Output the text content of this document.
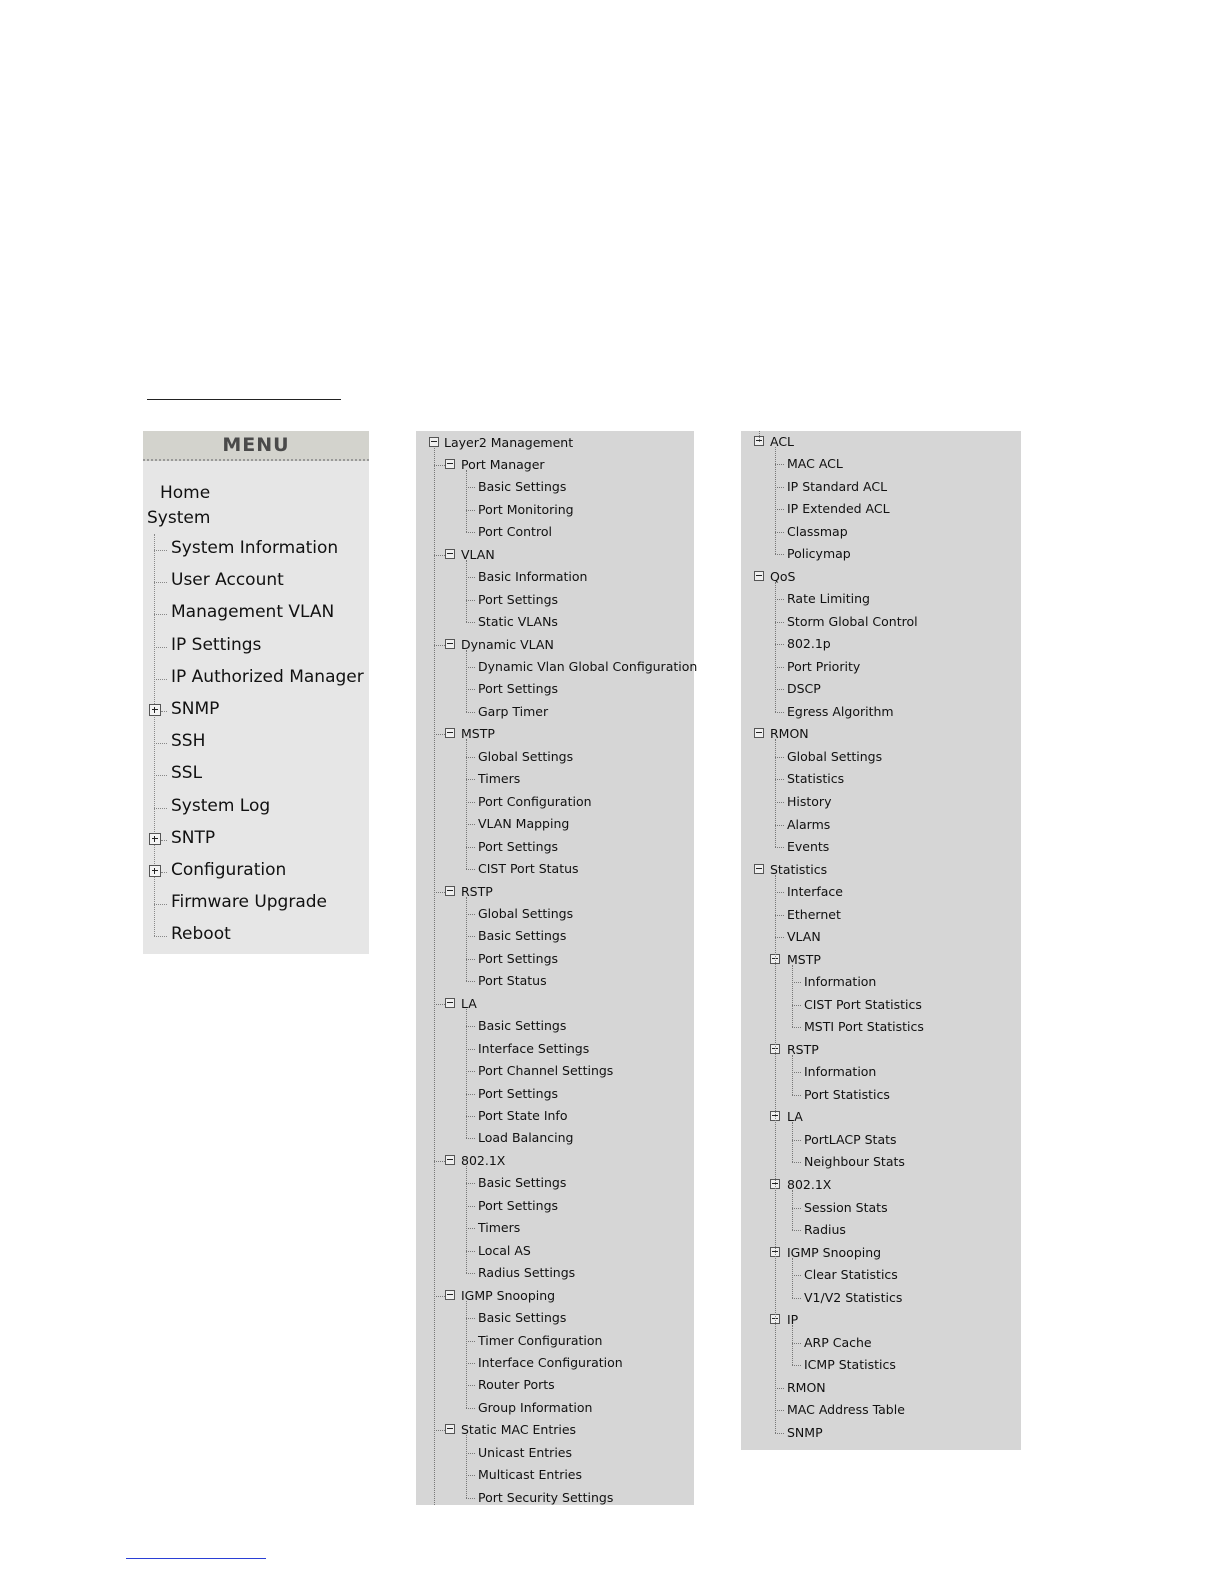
MENU
Home
System
System Information
User Account
Management VLAN
IP Settings
IP Authorized Manager
SNMP
SSH
SSL
System Log
SNTP
Configuration
Firmware Upgrade
Reboot
Layer2 Management
Port Manager
Basic Settings
Port Monitoring
Port Control
VLAN
Basic Information
Port Settings
Static VLANs
Dynamic VLAN
Dynamic Vlan Global Configuration
Port Settings
Garp Timer
MSTP
Global Settings
Timers
Port Configuration
VLAN Mapping
Port Settings
CIST Port Status
RSTP
Global Settings
Basic Settings
Port Settings
Port Status
LA
Basic Settings
Interface Settings
Port Channel Settings
Port Settings
Port State Info
Load Balancing
802.1X
Basic Settings
Port Settings
Timers
Local AS
Radius Settings
IGMP Snooping
Basic Settings
Timer Configuration
Interface Configuration
Router Ports
Group Information
Static MAC Entries
Unicast Entries
Multicast Entries
Port Security Settings
ACL
MAC ACL
IP Standard ACL
IP Extended ACL
Classmap
Policymap
QoS
Rate Limiting
Storm Global Control
802.1p
Port Priority
DSCP
Egress Algorithm
RMON
Global Settings
Statistics
History
Alarms
Events
Statistics
Interface
Ethernet
VLAN
MSTP
Information
CIST Port Statistics
MSTI Port Statistics
RSTP
Information
Port Statistics
LA
PortLACP Stats
Neighbour Stats
802.1X
Session Stats
Radius
IGMP Snooping
Clear Statistics
V1/V2 Statistics
IP
ARP Cache
ICMP Statistics
RMON
MAC Address Table
SNMP
